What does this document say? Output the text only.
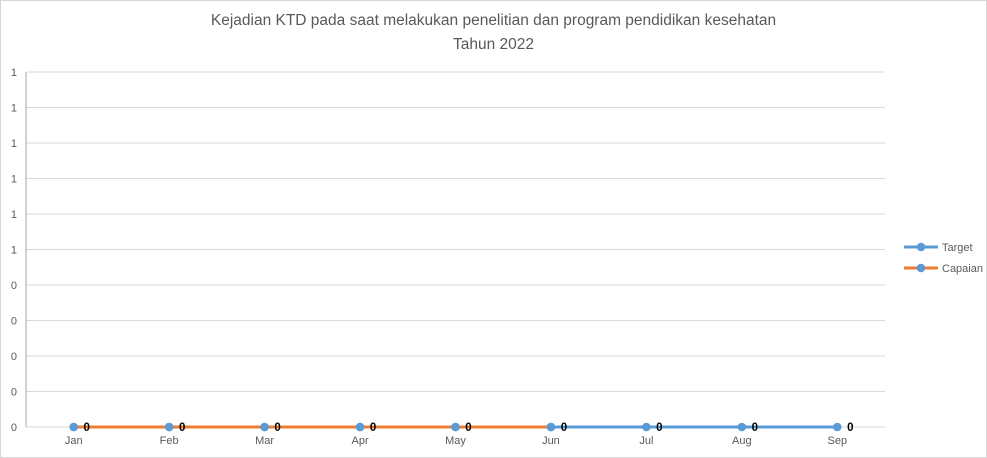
Kejadian KTD pada saat melakukan penelitian dan program pendidikan kesehatan
Tahun 2022
1
1
1
1
1
1
0
0
0
0
0
Jan	Feb	Mar	Apr	May	Jun	Jul	Aug	Sep
0	0	0	0	0	0	0	0	0
Target
Capaian
